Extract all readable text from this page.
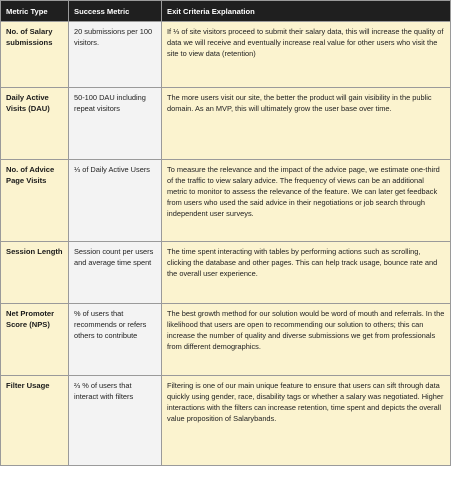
Metric Type	Success Metric	Exit Criteria Explanation
No. of Salary submissions	20 submissions per 100 visitors.	If ⅓ of site visitors proceed to submit their salary data, this will increase the quality of data we will receive and eventually increase real value for other users who visit the site to view data (retention)
Daily Active Visits (DAU)	50-100 DAU including repeat visitors	The more users visit our site, the better the product will gain visibility in the public domain. As an MVP, this will ultimately grow the user base over time.
No. of Advice Page Visits	⅓ of Daily Active Users	To measure the relevance and the impact of the advice page, we estimate one-third of the traffic to view salary advice. The frequency of views can be an additional metric to monitor to assess the relevance of the feature. We can later get feedback from users who used the said advice in their negotiations or job search through independent user surveys.
Session Length	Session count per users and average time spent	The time spent interacting with tables by performing actions such as scrolling, clicking the database and other pages. This can help track usage, bounce rate and the overall user experience.
Net Promoter Score (NPS)	% of users that recommends or refers others to contribute	The best growth method for our solution would be word of mouth and referrals. In the likelihood that users are open to recommending our solution to others; this can increase the number of quality and diverse submissions we get from professionals from different demographics.
Filter Usage	⅔ % of users that interact with filters	Filtering is one of our main unique feature to ensure that users can sift through data quickly using gender, race, disability tags or whether a salary was negotiated. Higher interactions with the filters can increase retention, time spent and depicts the overall value proposition of Salarybands.
